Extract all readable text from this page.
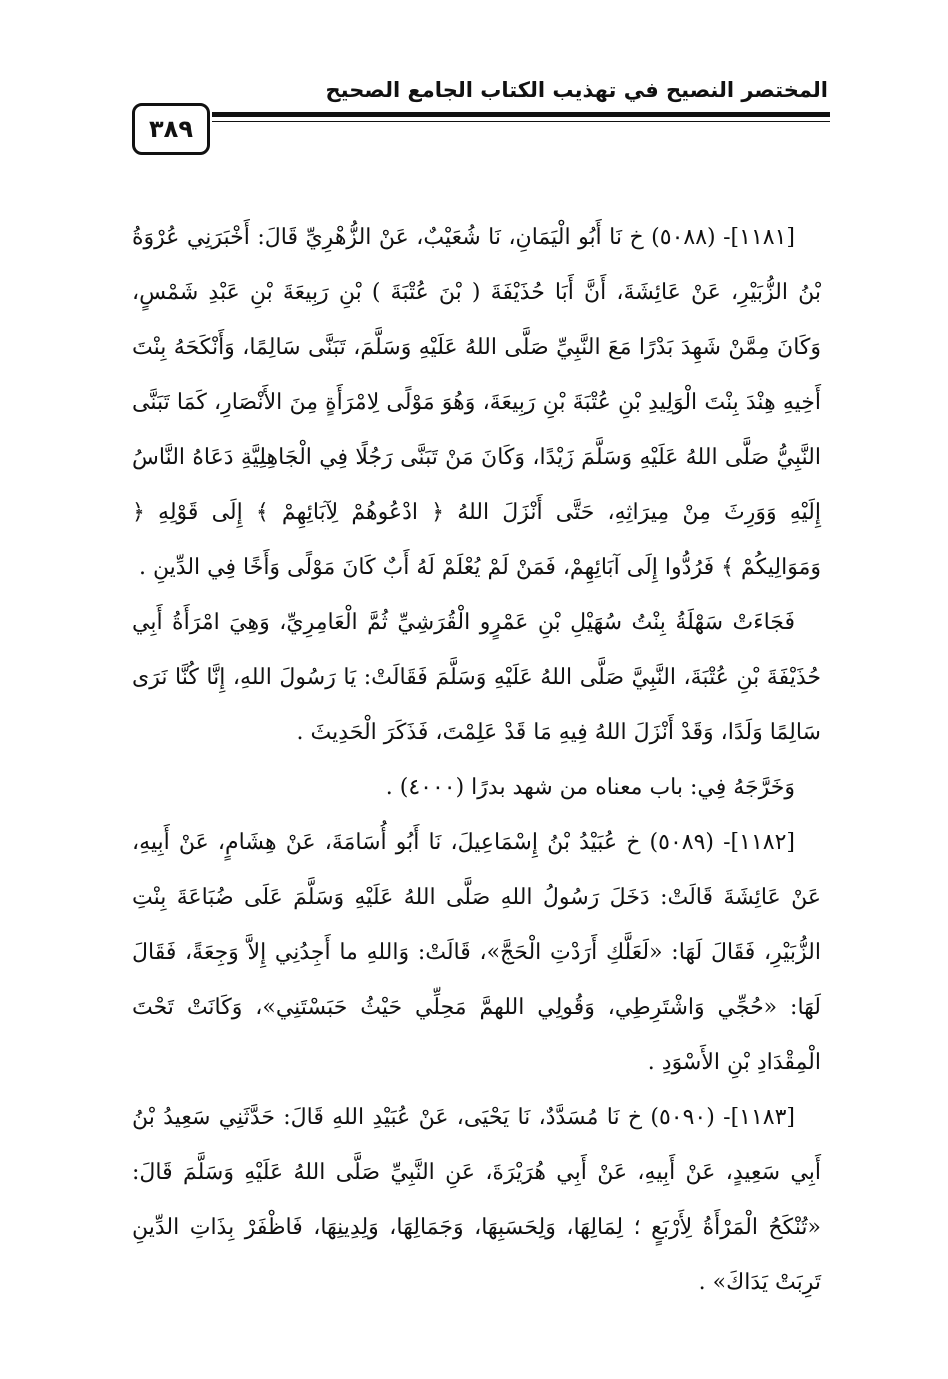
المختصر النصيح في تهذيب الكتاب الجامع الصحيح
٣٨٩

[١١٨١]- (٥٠٨٨) خ نَا أَبُو الْيَمَانِ، نَا شُعَيْبٌ، عَنْ الزُّهْرِيِّ قَالَ: أَخْبَرَنِي عُرْوَةُ بْنُ الزُّبَيْرِ، عَنْ عَائِشَةَ، أَنَّ أَبَا حُذَيْفَةَ ( بْنَ عُتْبَةَ ) بْنِ رَبِيعَةَ بْنِ عَبْدِ شَمْسٍ، وَكَانَ مِمَّنْ شَهِدَ بَدْرًا مَعَ النَّبِيِّ صَلَّى اللهُ عَلَيْهِ وَسَلَّمَ، تَبَنَّى سَالِمًا، وَأَنْكَحَهُ بِنْتَ أَخِيهِ هِنْدَ بِنْتَ الْوَلِيدِ بْنِ عُتْبَةَ بْنِ رَبِيعَةَ، وَهُوَ مَوْلًى لِامْرَأَةٍ مِنَ الأَنْصَارِ، كَمَا تَبَنَّى النَّبِيُّ صَلَّى اللهُ عَلَيْهِ وَسَلَّمَ زَيْدًا، وَكَانَ مَنْ تَبَنَّى رَجُلًا فِي الْجَاهِلِيَّةِ دَعَاهُ النَّاسُ إِلَيْهِ وَوَرِثَ مِنْ مِيرَاثِهِ، حَتَّى أَنْزَلَ اللهُ ﴿ ادْعُوهُمْ لِآبَائِهِمْ ﴾ إِلَى قَوْلِهِ ﴿ وَمَوَالِيكُمْ ﴾ فَرُدُّوا إِلَى آبَائِهِمْ، فَمَنْ لَمْ يُعْلَمْ لَهُ أَبٌ كَانَ مَوْلًى وَأَخًا فِي الدِّينِ .

فَجَاءَتْ سَهْلَةُ بِنْتُ سُهَيْلِ بْنِ عَمْرٍو الْقُرَشِيِّ ثُمَّ الْعَامِرِيِّ، وَهِيَ امْرَأَةُ أَبِي حُذَيْفَةَ بْنِ عُتْبَةَ، النَّبِيَّ صَلَّى اللهُ عَلَيْهِ وَسَلَّمَ فَقَالَتْ: يَا رَسُولَ اللهِ، إِنَّا كُنَّا نَرَى سَالِمًا وَلَدًا، وَقَدْ أَنْزَلَ اللهُ فِيهِ مَا قَدْ عَلِمْتَ، فَذَكَرَ الْحَدِيثَ .

وَخَرَّجَهُ فِي: باب معناه من شهد بدرًا (٤٠٠٠) .

[١١٨٢]- (٥٠٨٩) خ عُبَيْدُ بْنُ إِسْمَاعِيلَ، نَا أَبُو أُسَامَةَ، عَنْ هِشَامٍ، عَنْ أَبِيهِ، عَنْ عَائِشَةَ قَالَتْ: دَخَلَ رَسُولُ اللهِ صَلَّى اللهُ عَلَيْهِ وَسَلَّمَ عَلَى ضُبَاعَةَ بِنْتِ الزُّبَيْرِ، فَقَالَ لَهَا: «لَعَلَّكِ أَرَدْتِ الْحَجَّ»، قَالَتْ: وَاللهِ ما أَجِدُنِي إِلاَّ وَجِعَةً، فَقَالَ لَهَا: «حُجِّي وَاشْتَرِطِي، وَقُولِي اللهمَّ مَحِلِّي حَيْثُ حَبَسْتَنِي»، وَكَانَتْ تَحْتَ الْمِقْدَادِ بْنِ الأَسْوَدِ .

[١١٨٣]- (٥٠٩٠) خ نَا مُسَدَّدٌ، نَا يَحْيَى، عَنْ عُبَيْدِ اللهِ قَالَ: حَدَّثَنِي سَعِيدُ بْنُ أَبِي سَعِيدٍ، عَنْ أَبِيهِ، عَنْ أَبِي هُرَيْرَةَ، عَنِ النَّبِيِّ صَلَّى اللهُ عَلَيْهِ وَسَلَّمَ قَالَ: «تُنْكَحُ الْمَرْأَةُ لِأَرْبَعٍ ؛ لِمَالِهَا، وَلِحَسَبِهَا، وَجَمَالِهَا، وَلِدِينِهَا، فَاظْفَرْ بِذَاتِ الدِّينِ تَرِبَتْ يَدَاكَ» .
